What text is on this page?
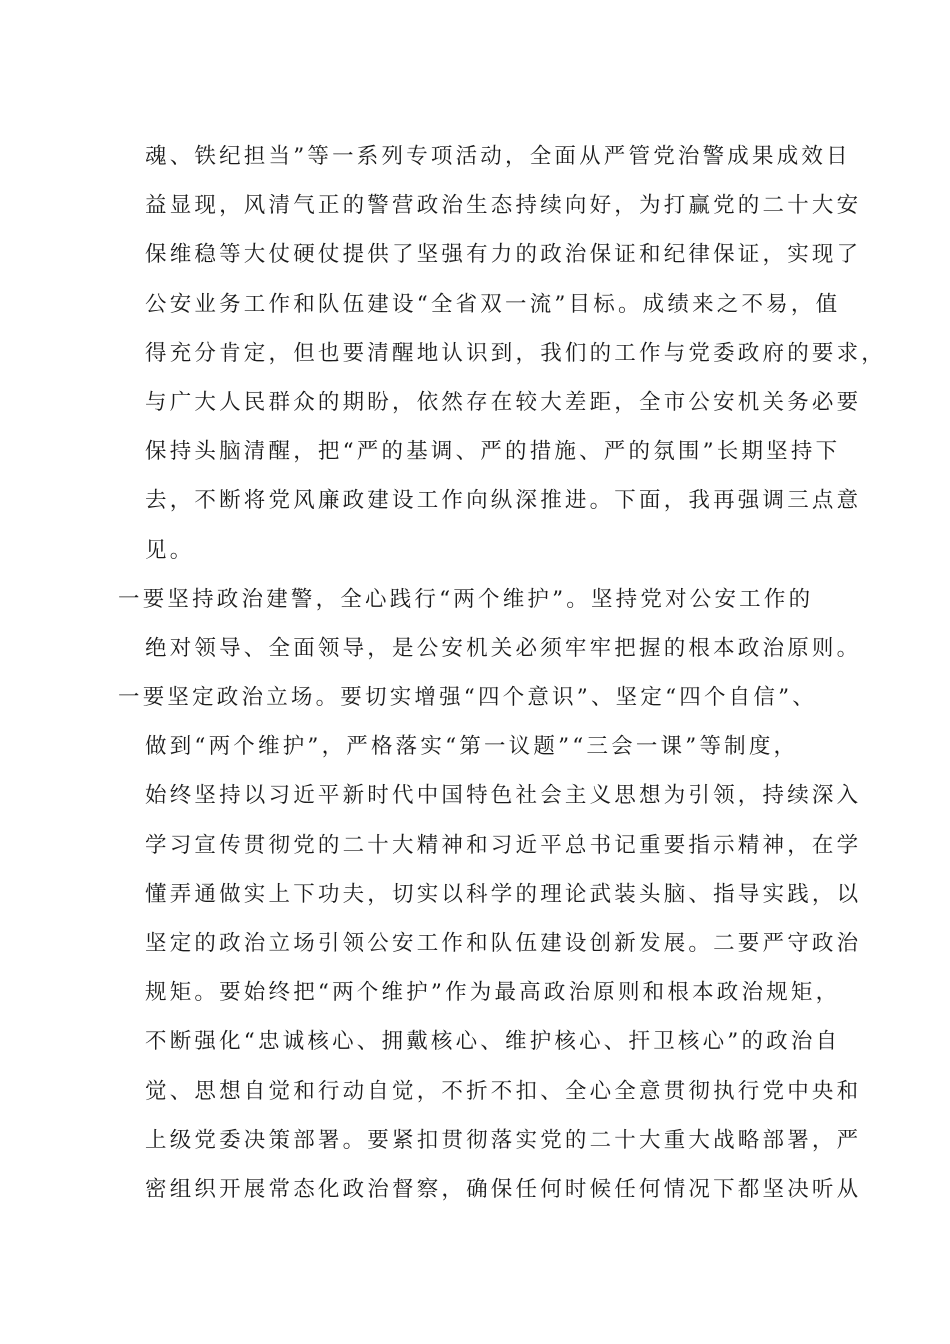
魂、铁纪担当”等一系列专项活动，全面从严管党治警成果成效日
益显现，风清气正的警营政治生态持续向好，为打赢党的二十大安
保维稳等大仗硬仗提供了坚强有力的政治保证和纪律保证，实现了
公安业务工作和队伍建设“全省双一流”目标。成绩来之不易，值
得充分肯定，但也要清醒地认识到，我们的工作与党委政府的要求，
与广大人民群众的期盼，依然存在较大差距，全市公安机关务必要
保持头脑清醒，把“严的基调、严的措施、严的氛围”长期坚持下
去，不断将党风廉政建设工作向纵深推进。下面，我再强调三点意
见。
一要坚持政治建警，全心践行“两个维护”。坚持党对公安工作的
绝对领导、全面领导，是公安机关必须牢牢把握的根本政治原则。
一要坚定政治立场。要切实增强“四个意识”、坚定“四个自信”、
做到“两个维护”，严格落实“第一议题”“三会一课”等制度，
始终坚持以习近平新时代中国特色社会主义思想为引领，持续深入
学习宣传贯彻党的二十大精神和习近平总书记重要指示精神，在学
懂弄通做实上下功夫，切实以科学的理论武装头脑、指导实践，以
坚定的政治立场引领公安工作和队伍建设创新发展。二要严守政治
规矩。要始终把“两个维护”作为最高政治原则和根本政治规矩，
不断强化“忠诚核心、拥戴核心、维护核心、扞卫核心”的政治自
觉、思想自觉和行动自觉，不折不扣、全心全意贯彻执行党中央和
上级党委决策部署。要紧扣贯彻落实党的二十大重大战略部署，严
密组织开展常态化政治督察，确保任何时候任何情况下都坚决听从
